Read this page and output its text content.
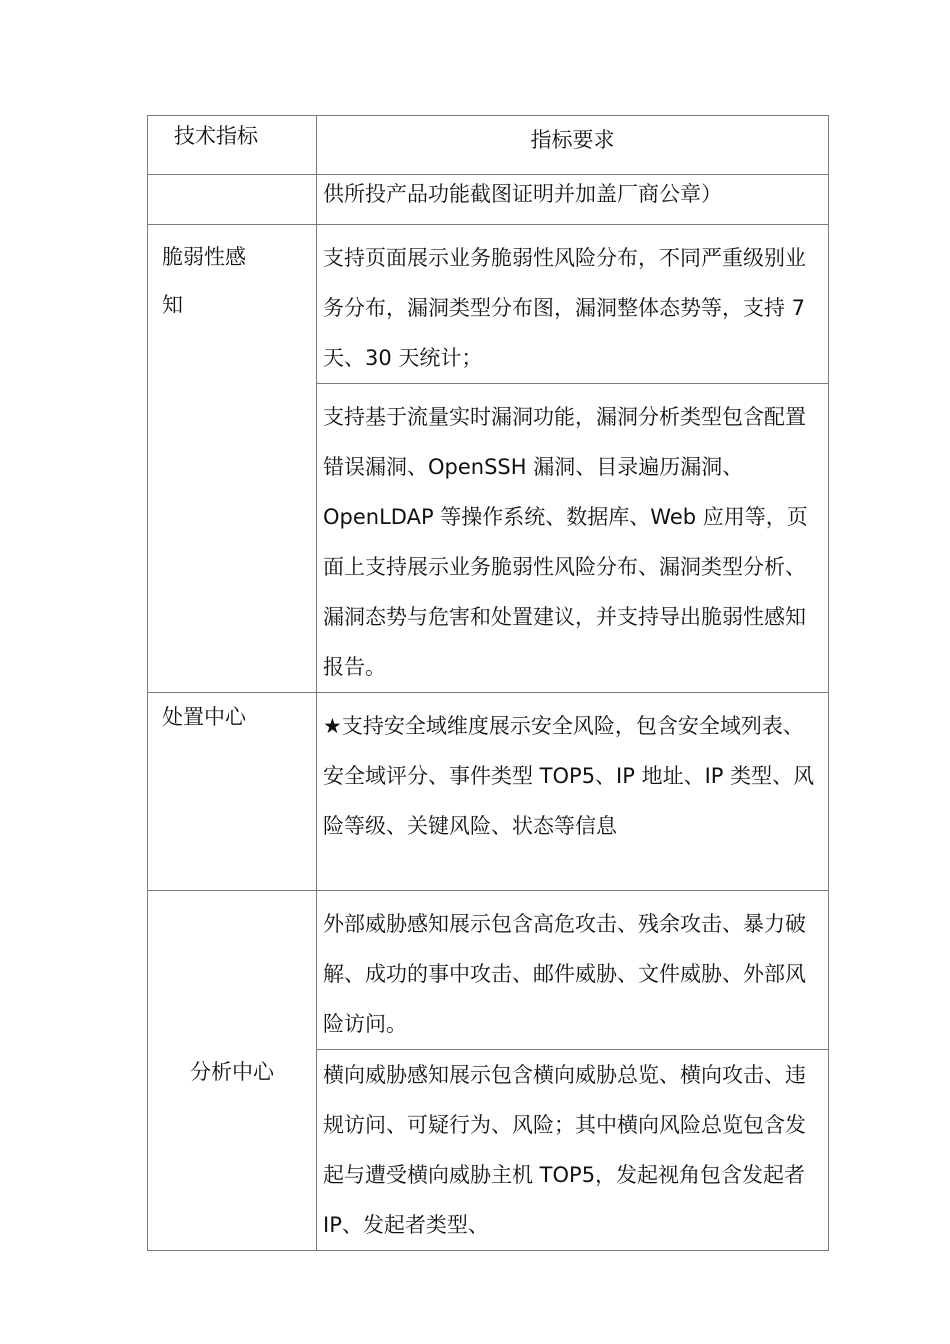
技术指标	指标要求

	供所投产品功能截图证明并加盖厂商公章）

脆弱性感知	支持页面展示业务脆弱性风险分布，不同严重级别业务分布，漏洞类型分布图，漏洞整体态势等，支持 7 天、30 天统计；
	支持基于流量实时漏洞功能，漏洞分析类型包含配置错误漏洞、OpenSSH 漏洞、目录遍历漏洞、OpenLDAP 等操作系统、数据库、Web 应用等，页面上支持展示业务脆弱性风险分布、漏洞类型分析、漏洞态势与危害和处置建议，并支持导出脆弱性感知报告。
处置中心	★支持安全域维度展示安全风险，包含安全域列表、安全域评分、事件类型 TOP5、IP 地址、IP 类型、风险等级、关键风险、状态等信息
分析中心	外部威胁感知展示包含高危攻击、残余攻击、暴力破解、成功的事中攻击、邮件威胁、文件威胁、外部风险访问。
	横向威胁感知展示包含横向威胁总览、横向攻击、违规访问、可疑行为、风险；其中横向风险总览包含发起与遭受横向威胁主机 TOP5，发起视角包含发起者 IP、发起者类型、
